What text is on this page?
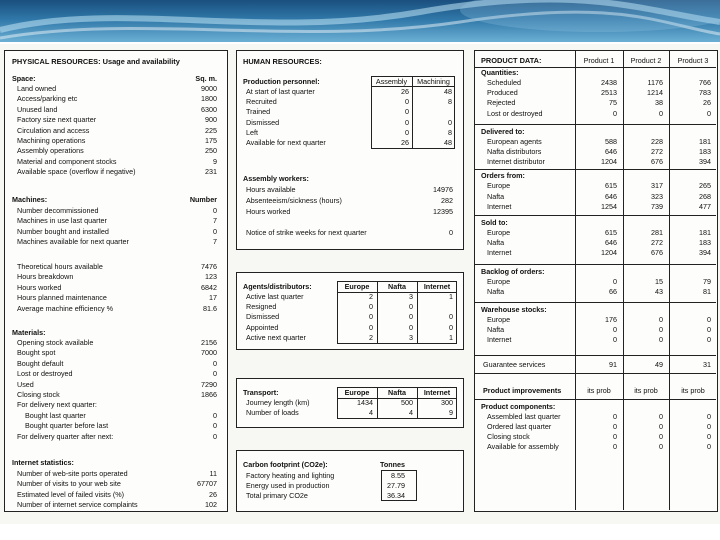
PHYSICAL RESOURCES: Usage and availability
Space:	Sq. m.
Land owned	9000
Access/parking etc	1800
Unused land	6300
Factory size next quarter	900
Circulation and access	225
Machining operations	175
Assembly operations	250
Material and component stocks	9
Available space (overflow if negative)	231
Machines:	Number
Number decommissioned	0
Machines in use last quarter	7
Number bought and installed	0
Machines available for next quarter	7
Theoretical hours available	7476
Hours breakdown	123
Hours worked	6842
Hours planned maintenance	17
Average machine efficiency %	81.6
Materials:
Opening stock available	2156
Bought spot	7000
Bought default	0
Lost or destroyed	0
Used	7290
Closing stock	1866
For delivery next quarter:
Bought last quarter	0
Bought quarter before last	0
For delivery quarter after next:	0
Internet statistics:
Number of web-site ports operated	11
Number of visits to your web site	67707
Estimated level of failed visits (%)	26
Number of internet service complaints	102
HUMAN RESOURCES:
Production personnel:	Assembly	Machining
At start of last quarter	26	48
Recruited	0	8
Trained	0
Dismissed	0	0
Left	0	8
Available for next quarter	26	48
Assembly workers:
Hours available	14976
Absenteeism/sickness (hours)	282
Hours worked	12395
Notice of strike weeks for next quarter	0
Agents/distributors:	Europe	Nafta	Internet
Active last quarter	2	3	1
Resigned	0	0
Dismissed	0	0	0
Appointed	0	0	0
Active next quarter	2	3	1
Transport:	Europe	Nafta	Internet
Journey length (km)	1434	500	300
Number of loads	4	4	9
Carbon footprint (CO2e):	Tonnes
Factory heating and lighting	8.55
Energy used in production	27.79
Total primary CO2e	36.34
PRODUCT DATA:	Product 1	Product 2	Product 3
Quantities:
Scheduled	2438	1176	766
Produced	2513	1214	783
Rejected	75	38	26
Lost or destroyed	0	0	0
Delivered to:
European agents	588	228	181
Nafta distributors	646	272	183
Internet distributor	1204	676	394
Orders from:
Europe	615	317	265
Nafta	646	323	268
Internet	1254	739	477
Sold to:
Europe	615	281	181
Nafta	646	272	183
Internet	1204	676	394
Backlog of orders:
Europe	0	15	79
Nafta	66	43	81
Warehouse stocks:
Europe	176	0	0
Nafta	0	0	0
Internet	0	0	0
Guarantee services	91	49	31
Product improvements	its prob	its prob	its prob
Product components:
Assembled last quarter	0	0	0
Ordered last quarter	0	0	0
Closing stock	0	0	0
Available for assembly	0	0	0
